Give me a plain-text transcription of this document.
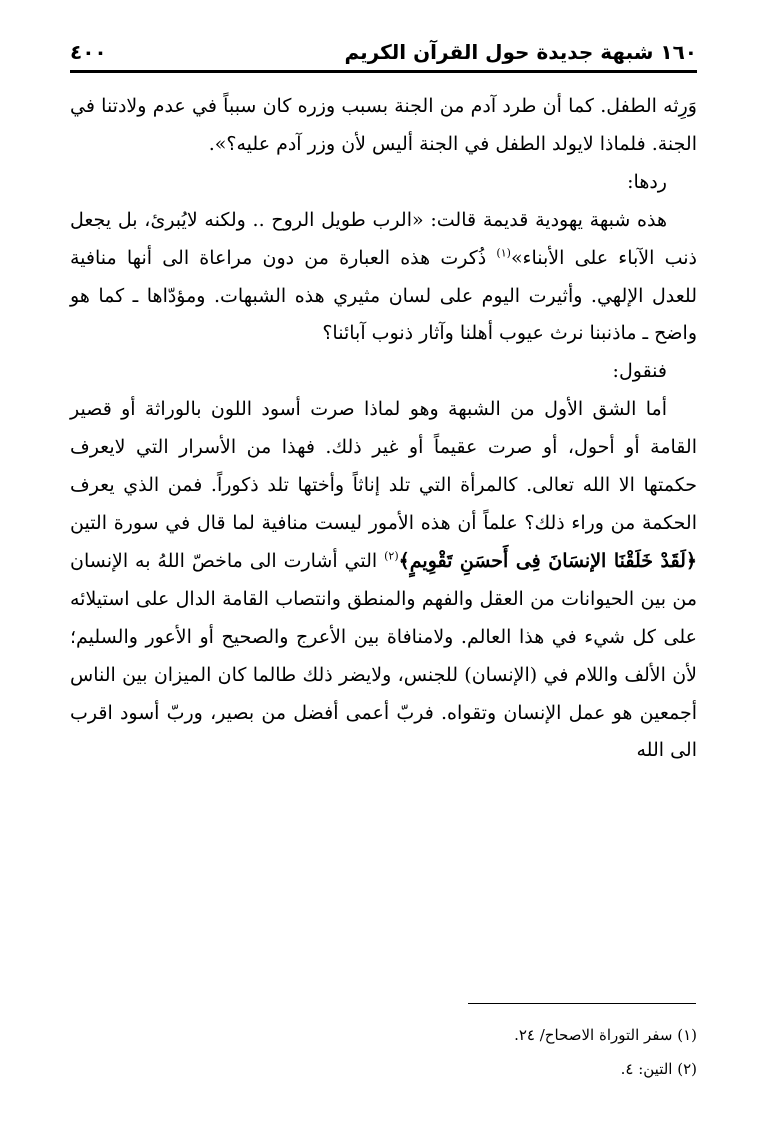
٤٠٠	١٦٠ شبهة جديدة حول القرآن الكريم

وَرِثه الطفل. كما أن طرد آدم من الجنة بسبب وزره كان سبباً في عدم ولادتنا في الجنة. فلماذا لايولد الطفل في الجنة أليس لأن وزر آدم عليه؟».

ردها:

هذه شبهة يهودية قديمة قالت: «الرب طويل الروح .. ولكنه لايُبرئ، بل يجعل ذنب الآباء على الأبناء»$^{(١)}$ ذُكرت هذه العبارة من دون مراعاة الى أنها منافية للعدل الإلهي. وأثيرت اليوم على لسان مثيري هذه الشبهات. ومؤدّاها ـ كما هو واضح ـ ماذنبنا نرث عيوب أهلنا وآثار ذنوب آبائنا؟

فنقول:

أما الشق الأول من الشبهة وهو لماذا صرت أسود اللون بالوراثة أو قصير القامة أو أحول، أو صرت عقيماً أو غير ذلك. فهذا من الأسرار التي لايعرف حكمتها الا الله تعالى. كالمرأة التي تلد إناثاً وأختها تلد ذكوراً. فمن الذي يعرف الحكمة من وراء ذلك؟ علماً أن هذه الأمور ليست منافية لما قال في سورة التين ﴿لَقَدْ خَلَقْنَا الإنسَانَ فِى أَحسَنِ تَقْوِيمٍ﴾$^{(٢)}$ التي أشارت الى ماخصّ اللهُ به الإنسان من بين الحيوانات من العقل والفهم والمنطق وانتصاب القامة الدال على استيلائه على كل شيء في هذا العالم. ولامنافاة بين الأعرج والصحيح أو الأعور والسليم؛ لأن الألف واللام في (الإنسان) للجنس، ولايضر ذلك طالما كان الميزان بين الناس أجمعين هو عمل الإنسان وتقواه. فربّ أعمى أفضل من بصير، وربّ أسود اقرب الى الله

(١) سفر التوراة الاصحاح/ ٢٤.
(٢) التين: ٤.
